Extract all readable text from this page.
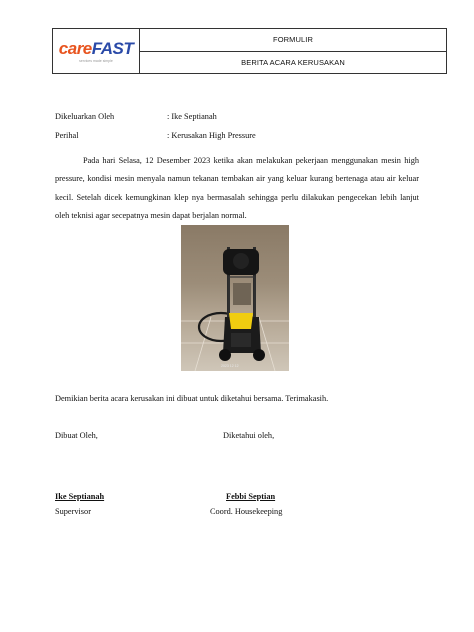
careFAST
services made simple
FORMULIR
BERITA ACARA KERUSAKAN
Dikeluarkan Oleh	: Ike Septianah
Perihal	: Kerusakan High Pressure

Pada hari Selasa, 12 Desember 2023 ketika akan melakukan pekerjaan menggunakan mesin high pressure, kondisi mesin menyala namun tekanan tembakan air yang keluar kurang bertenaga atau air keluar kecil. Setelah dicek kemungkinan klep nya bermasalah sehingga perlu dilakukan pengecekan lebih lanjut oleh teknisi agar secepatnya mesin dapat berjalan normal.

2023 12 12
Demikian berita acara kerusakan ini dibuat untuk diketahui bersama. Terimakasih.
Dibuat Oleh,	Diketahui oleh,
Ike Septianah	Febbi Septian
Supervisor	Coord. Housekeeping
